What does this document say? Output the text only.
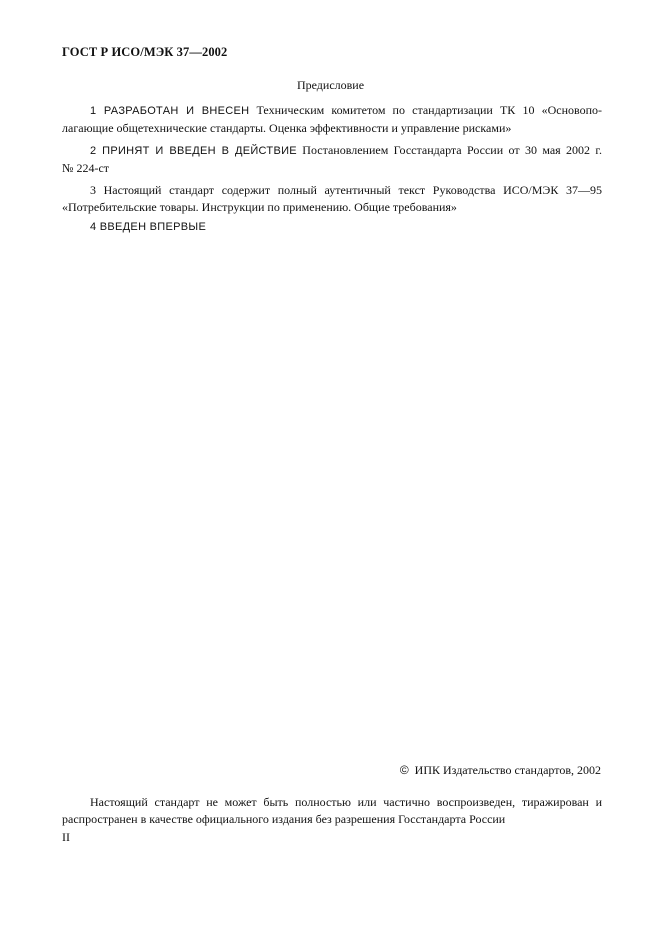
ГОСТ Р ИСО/МЭК 37—2002
Предисловие
1 РАЗРАБОТАН И ВНЕСЕН Техническим комитетом по стандартизации ТК 10 «Основопо-
лагающие общетехнические стандарты. Оценка эффективности и управление рисками»
2 ПРИНЯТ И ВВЕДЕН В ДЕЙСТВИЕ Постановлением Госстандарта России от 30 мая 2002 г.
№ 224-ст
3 Настоящий стандарт содержит полный аутентичный текст Руководства ИСО/МЭК 37—95
«Потребительские товары. Инструкции по применению. Общие требования»
4 ВВЕДЕН ВПЕРВЫЕ
© ИПК Издательство стандартов, 2002
Настоящий стандарт не может быть полностью или частично воспроизведен, тиражирован и
распространен в качестве официального издания без разрешения Госстандарта России
II
